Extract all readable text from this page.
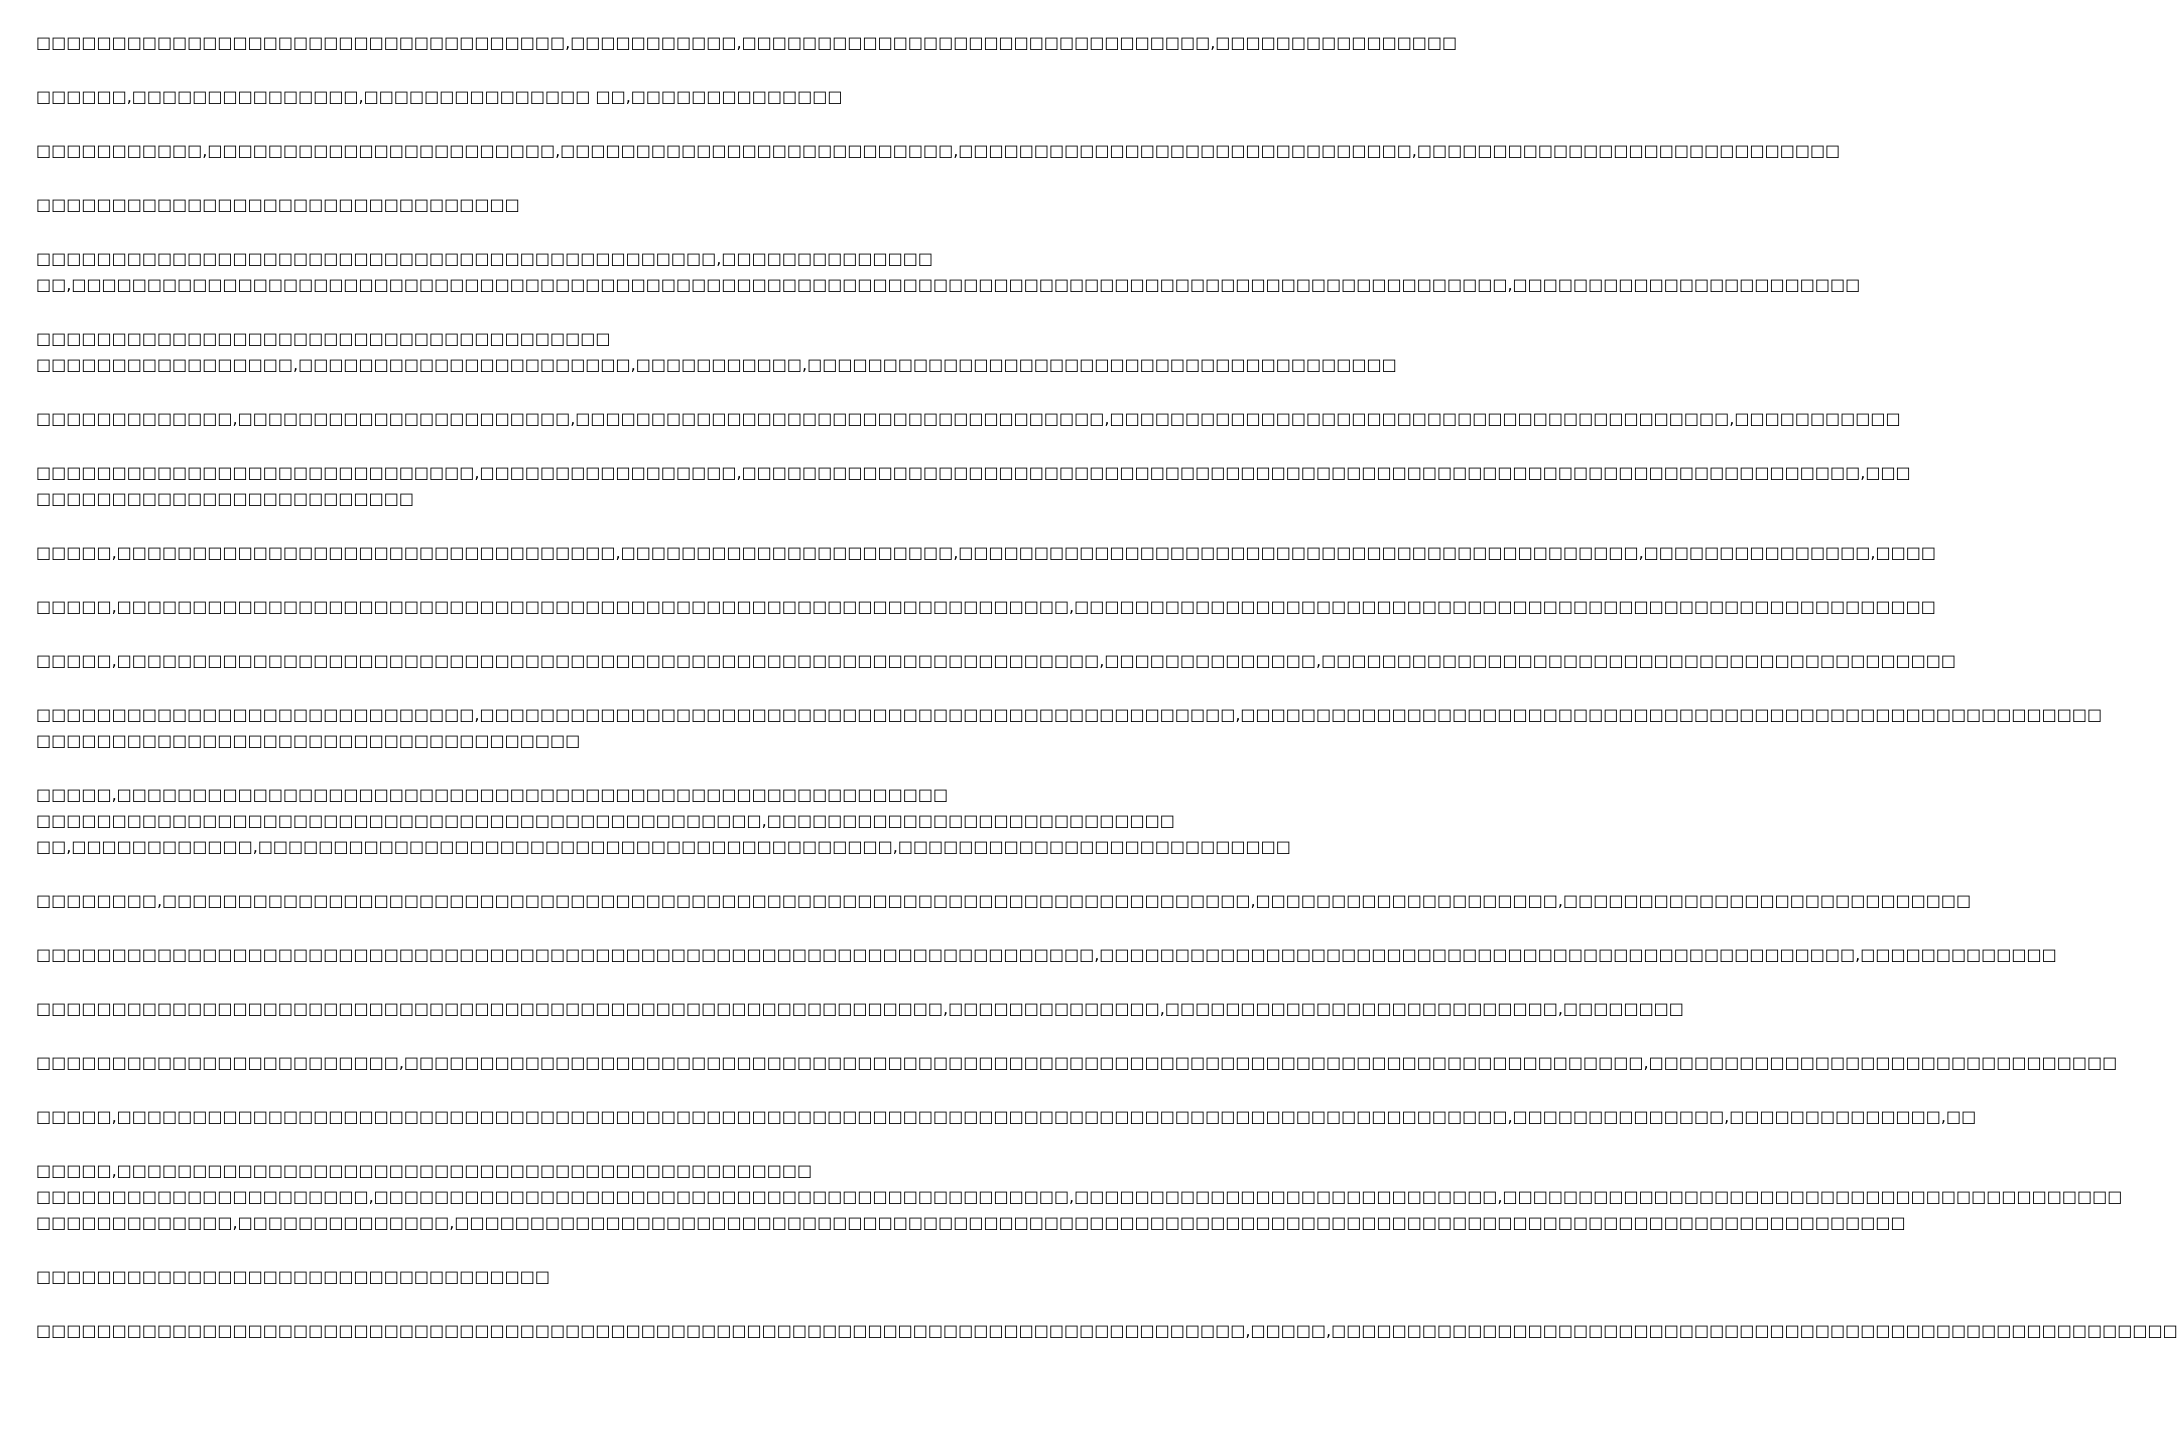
□□□□□□□□□□□□□□□□□□□□□□□□□□□□□□□□□□□,□□□□□□□□□□□,□□□□□□□□□□□□□□□□□□□□□□□□□□□□□□□,□□□□□□□□□□□□□□□□

□□□□□□,□□□□□□□□□□□□□□□,□□□□□□□□□□□□□□□ □□,□□□□□□□□□□□□□□

□□□□□□□□□□□,□□□□□□□□□□□□□□□□□□□□□□□,□□□□□□□□□□□□□□□□□□□□□□□□□□,□□□□□□□□□□□□□□□□□□□□□□□□□□□□□□,□□□□□□□□□□□□□□□□□□□□□□□□□□□□

□□□□□□□□□□□□□□□□□□□□□□□□□□□□□□□□

□□□□□□□□□□□□□□□□□□□□□□□□□□□□□□□□□□□□□□□□□□□□□,□□□□□□□□□□□□□□
□□,□□□□□□□□□□□□□□□□□□□□□□□□□□□□□□□□□□□□□□□□□□□□□□□□□□□□□□□□□□□□□□□□□□□□□□□□□□□□□□□□□□□□□□□□□□□□□□□,□□□□□□□□□□□□□□□□□□□□□□□

□□□□□□□□□□□□□□□□□□□□□□□□□□□□□□□□□□□□□□
□□□□□□□□□□□□□□□□□,□□□□□□□□□□□□□□□□□□□□□□,□□□□□□□□□□□,□□□□□□□□□□□□□□□□□□□□□□□□□□□□□□□□□□□□□□□

□□□□□□□□□□□□□,□□□□□□□□□□□□□□□□□□□□□□,□□□□□□□□□□□□□□□□□□□□□□□□□□□□□□□□□□□,□□□□□□□□□□□□□□□□□□□□□□□□□□□□□□□□□□□□□□□□□,□□□□□□□□□□□

□□□□□□□□□□□□□□□□□□□□□□□□□□□□□,□□□□□□□□□□□□□□□□□,□□□□□□□□□□□□□□□□□□□□□□□□□□□□□□□□□□□□□□□□□□□□□□□□□□□□□□□□□□□□□□□□□□□□□□□□□□,□□□
□□□□□□□□□□□□□□□□□□□□□□□□□

□□□□□,□□□□□□□□□□□□□□□□□□□□□□□□□□□□□□□□□,□□□□□□□□□□□□□□□□□□□□□□,□□□□□□□□□□□□□□□□□□□□□□□□□□□□□□□□□□□□□□□□□□□□□,□□□□□□□□□□□□□□□,□□□□

□□□□□,□□□□□□□□□□□□□□□□□□□□□□□□□□□□□□□□□□□□□□□□□□□□□□□□□□□□□□□□□□□□□□□,□□□□□□□□□□□□□□□□□□□□□□□□□□□□□□□□□□□□□□□□□□□□□□□□□□□□□□□□□

□□□□□,□□□□□□□□□□□□□□□□□□□□□□□□□□□□□□□□□□□□□□□□□□□□□□□□□□□□□□□□□□□□□□□□□,□□□□□□□□□□□□□□,□□□□□□□□□□□□□□□□□□□□□□□□□□□□□□□□□□□□□□□□□□

□□□□□□□□□□□□□□□□□□□□□□□□□□□□□,□□□□□□□□□□□□□□□□□□□□□□□□□□□□□□□□□□□□□□□□□□□□□□□□□□,□□□□□□□□□□□□□□□□□□□□□□□□□□□□□□□□□□□□□□□□□□□□□□□□□□□□□□□□□
□□□□□□□□□□□□□□□□□□□□□□□□□□□□□□□□□□□□

□□□□□,□□□□□□□□□□□□□□□□□□□□□□□□□□□□□□□□□□□□□□□□□□□□□□□□□□□□□□□
□□□□□□□□□□□□□□□□□□□□□□□□□□□□□□□□□□□□□□□□□□□□□□□□,□□□□□□□□□□□□□□□□□□□□□□□□□□□
□□,□□□□□□□□□□□□,□□□□□□□□□□□□□□□□□□□□□□□□□□□□□□□□□□□□□□□□□□,□□□□□□□□□□□□□□□□□□□□□□□□□□

□□□□□□□□,□□□□□□□□□□□□□□□□□□□□□□□□□□□□□□□□□□□□□□□□□□□□□□□□□□□□□□□□□□□□□□□□□□□□□□□□,□□□□□□□□□□□□□□□□□□□□,□□□□□□□□□□□□□□□□□□□□□□□□□□□

□□□□□□□□□□□□□□□□□□□□□□□□□□□□□□□□□□□□□□□□□□□□□□□□□□□□□□□□□□□□□□□□□□□□□□,□□□□□□□□□□□□□□□□□□□□□□□□□□□□□□□□□□□□□□□□□□□□□□□□□□,□□□□□□□□□□□□□

□□□□□□□□□□□□□□□□□□□□□□□□□□□□□□□□□□□□□□□□□□□□□□□□□□□□□□□□□□□□,□□□□□□□□□□□□□□,□□□□□□□□□□□□□□□□□□□□□□□□□□,□□□□□□□□

□□□□□□□□□□□□□□□□□□□□□□□□,□□□□□□□□□□□□□□□□□□□□□□□□□□□□□□□□□□□□□□□□□□□□□□□□□□□□□□□□□□□□□□□□□□□□□□□□□□□□□□□□□□,□□□□□□□□□□□□□□□□□□□□□□□□□□□□□□□

□□□□□,□□□□□□□□□□□□□□□□□□□□□□□□□□□□□□□□□□□□□□□□□□□□□□□□□□□□□□□□□□□□□□□□□□□□□□□□□□□□□□□□□□□□□□□□□□□□,□□□□□□□□□□□□□□,□□□□□□□□□□□□□□,□□

□□□□□,□□□□□□□□□□□□□□□□□□□□□□□□□□□□□□□□□□□□□□□□□□□□□□
□□□□□□□□□□□□□□□□□□□□□□,□□□□□□□□□□□□□□□□□□□□□□□□□□□□□□□□□□□□□□□□□□□□□□,□□□□□□□□□□□□□□□□□□□□□□□□□□□□,□□□□□□□□□□□□□□□□□□□□□□□□□□□□□□□□□□□□□□□□□
□□□□□□□□□□□□□,□□□□□□□□□□□□□□,□□□□□□□□□□□□□□□□□□□□□□□□□□□□□□□□□□□□□□□□□□□□□□□□□□□□□□□□□□□□□□□□□□□□□□□□□□□□□□□□□□□□□□□□□□□□□□□□

□□□□□□□□□□□□□□□□□□□□□□□□□□□□□□□□□□

□□□□□□□□□□□□□□□□□□□□□□□□□□□□□□□□□□□□□□□□□□□□□□□□□□□□□□□□□□□□□□□□□□□□□□□□□□□□□□□□,□□□□□,□□□□□□□□□□□□□□□□□□□□□□□□□□□□□□□□□□□□□□□□□□□□□□□□□□□□□□□□
